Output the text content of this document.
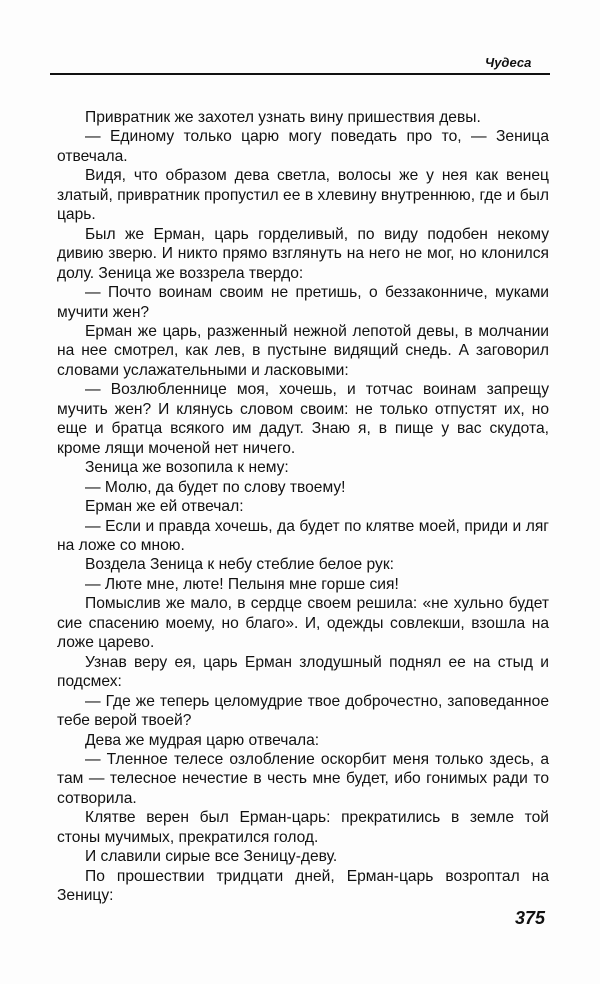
Чудеса

Привратник же захотел узнать вину пришествия девы.

— Единому только царю могу поведать про то, — Зеница отвечала.

Видя, что образом дева светла, волосы же у нея как венец златый, привратник пропустил ее в хлевину внутреннюю, где и был царь.

Был же Ерман, царь горделивый, по виду подобен некому дивию зверю. И никто прямо взглянуть на него не мог, но клонился долу. Зеница же воззрела твердо:

— Почто воинам своим не претишь, о беззаконниче, муками мучити жен?

Ерман же царь, разженный нежной лепотой девы, в молчании на нее смотрел, как лев, в пустыне видящий снедь. А заговорил словами услажательными и ласковыми:

— Возлюбленнице моя, хочешь, и тотчас воинам запрещу мучить жен? И клянусь словом своим: не только отпустят их, но еще и братца всякого им дадут. Знаю я, в пище у вас скудота, кроме лящи моченой нет ничего.

Зеница же возопила к нему:

— Молю, да будет по слову твоему!

Ерман же ей отвечал:

— Если и правда хочешь, да будет по клятве моей, приди и ляг на ложе со мною.

Воздела Зеница к небу стеблие белое рук:

— Люте мне, люте! Пелыня мне горше сия!

Помыслив же мало, в сердце своем решила: «не хульно будет сие спасению моему, но благо». И, одежды совлекши, взошла на ложе царево.

Узнав веру ея, царь Ерман злодушный поднял ее на стыд и подсмех:

— Где же теперь целомудрие твое доброчестно, заповеданное тебе верой твоей?

Дева же мудрая царю отвечала:

— Тленное телесе озлобление оскорбит меня только здесь, а там — телесное нечестие в честь мне будет, ибо гонимых ради то сотворила.

Клятве верен был Ерман-царь: прекратились в земле той стоны мучимых, прекратился голод.

И славили сирые все Зеницу-деву.

По прошествии тридцати дней, Ерман-царь возроптал на Зеницу:

375
